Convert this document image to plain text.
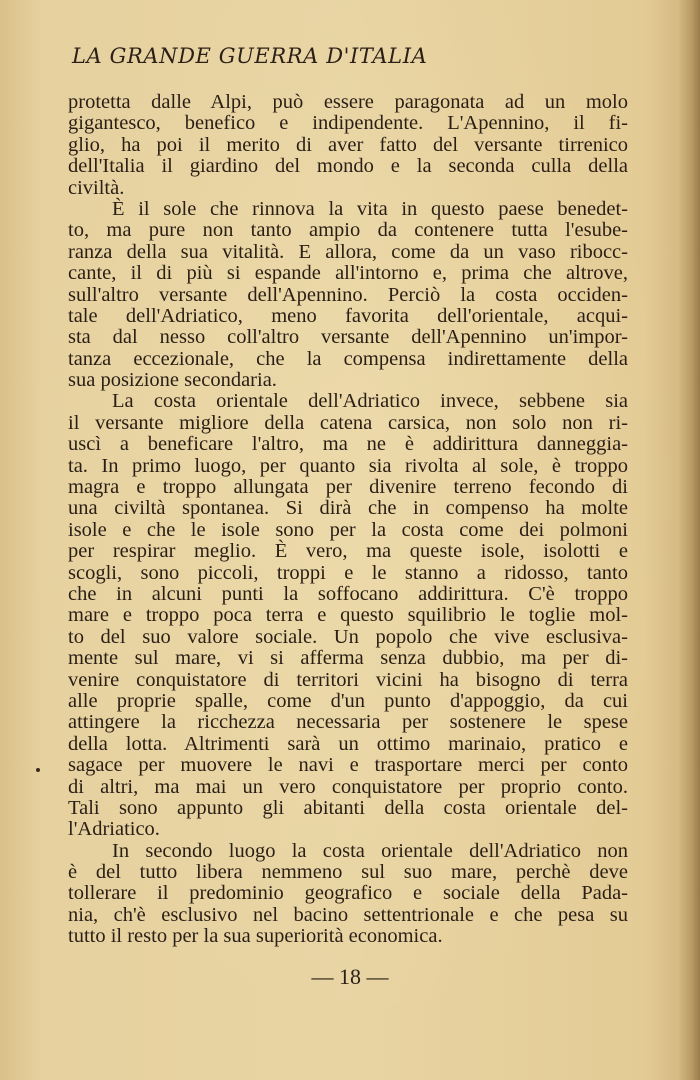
LA GRANDE GUERRA D'ITALIA
protetta dalle Alpi, può essere paragonata ad un molo
gigantesco, benefico e indipendente. L'Apennino, il fi-
glio, ha poi il merito di aver fatto del versante tirrenico
dell'Italia il giardino del mondo e la seconda culla della
civiltà.
È il sole che rinnova la vita in questo paese benedet-
to, ma pure non tanto ampio da contenere tutta l'esube-
ranza della sua vitalità. E allora, come da un vaso ribocc-
cante, il di più si espande all'intorno e, prima che altrove,
sull'altro versante dell'Apennino. Perciò la costa occiden-
tale dell'Adriatico, meno favorita dell'orientale, acqui-
sta dal nesso coll'altro versante dell'Apennino un'impor-
tanza eccezionale, che la compensa indirettamente della
sua posizione secondaria.
La costa orientale dell'Adriatico invece, sebbene sia
il versante migliore della catena carsica, non solo non ri-
uscì a beneficare l'altro, ma ne è addirittura danneggia-
ta. In primo luogo, per quanto sia rivolta al sole, è troppo
magra e troppo allungata per divenire terreno fecondo di
una civiltà spontanea. Si dirà che in compenso ha molte
isole e che le isole sono per la costa come dei polmoni
per respirar meglio. È vero, ma queste isole, isolotti e
scogli, sono piccoli, troppi e le stanno a ridosso, tanto
che in alcuni punti la soffocano addirittura. C'è troppo
mare e troppo poca terra e questo squilibrio le toglie mol-
to del suo valore sociale. Un popolo che vive esclusiva-
mente sul mare, vi si afferma senza dubbio, ma per di-
venire conquistatore di territori vicini ha bisogno di terra
alle proprie spalle, come d'un punto d'appoggio, da cui
attingere la ricchezza necessaria per sostenere le spese
della lotta. Altrimenti sarà un ottimo marinaio, pratico e
sagace per muovere le navi e trasportare merci per conto
di altri, ma mai un vero conquistatore per proprio conto.
Tali sono appunto gli abitanti della costa orientale del-
l'Adriatico.
In secondo luogo la costa orientale dell'Adriatico non
è del tutto libera nemmeno sul suo mare, perchè deve
tollerare il predominio geografico e sociale della Pada-
nia, ch'è esclusivo nel bacino settentrionale e che pesa su
tutto il resto per la sua superiorità economica.
— 18 —
